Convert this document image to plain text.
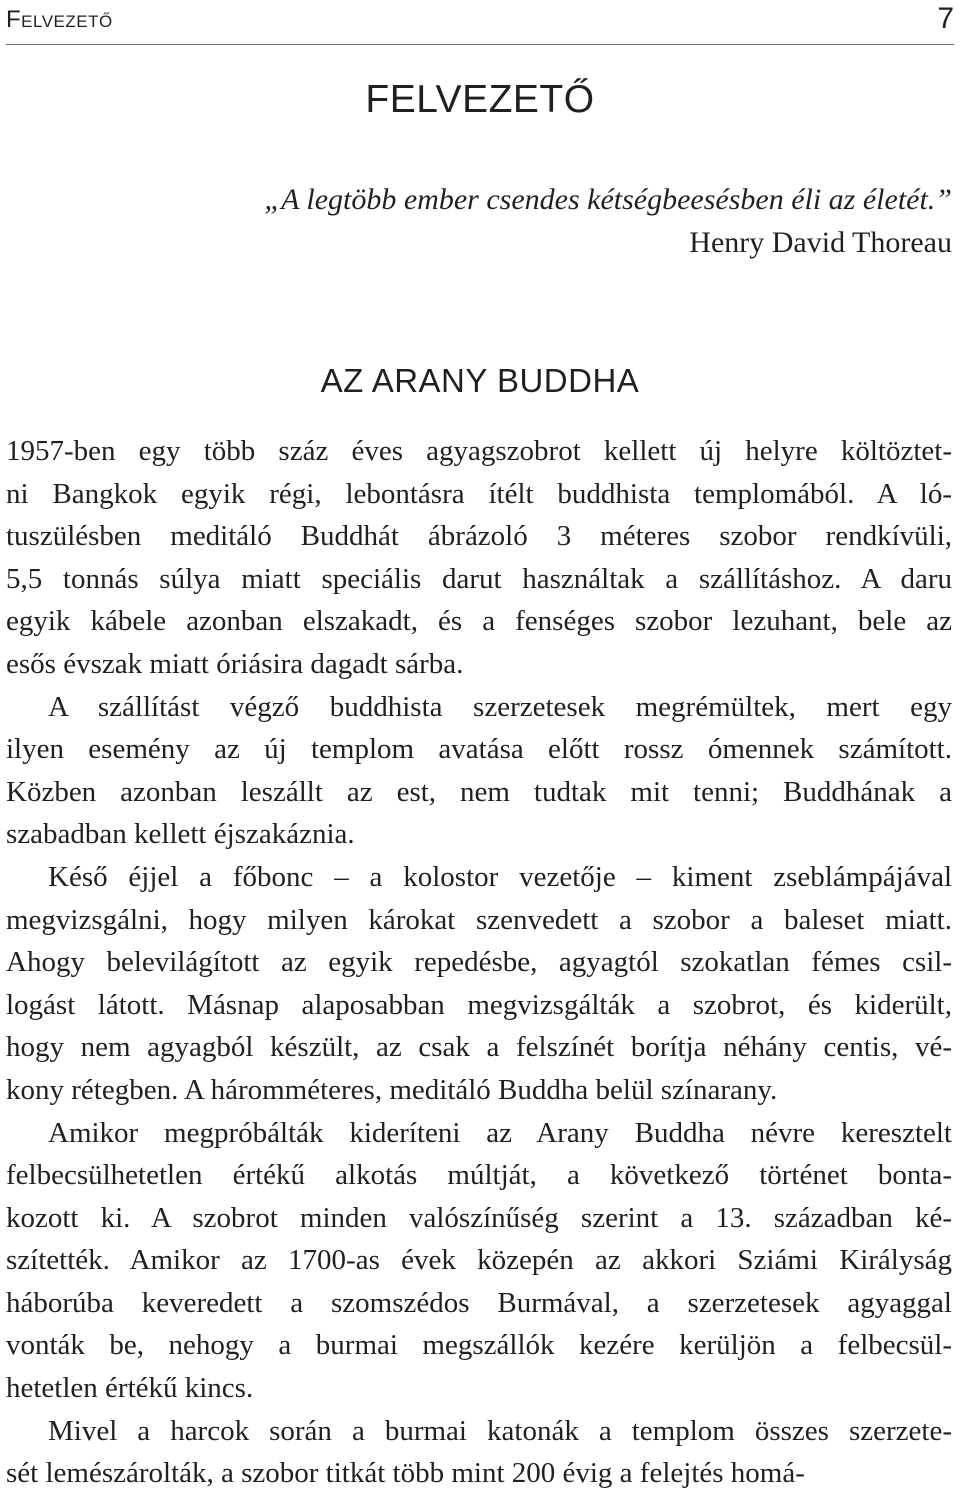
Felvezető	7
FELVEZETŐ
„A legtöbb ember csendes kétségbeesésben éli az életét.”
Henry David Thoreau
AZ ARANY BUDDHA

1957-ben egy több száz éves agyagszobrot kellett új helyre költöztet-
ni Bangkok egyik régi, lebontásra ítélt buddhista templomából. A ló-
tuszülésben meditáló Buddhát ábrázoló 3 méteres szobor rendkívüli,
5,5 tonnás súlya miatt speciális darut használtak a szállításhoz. A daru
egyik kábele azonban elszakadt, és a fenséges szobor lezuhant, bele az
esős évszak miatt óriásira dagadt sárba.

A szállítást végző buddhista szerzetesek megrémültek, mert egy
ilyen esemény az új templom avatása előtt rossz ómennek számított.
Közben azonban leszállt az est, nem tudtak mit tenni; Buddhának a
szabadban kellett éjszakáznia.

Késő éjjel a főbonc – a kolostor vezetője – kiment zseblámpájával
megvizsgálni, hogy milyen károkat szenvedett a szobor a baleset miatt.
Ahogy belevilágított az egyik repedésbe, agyagtól szokatlan fémes csil-
logást látott. Másnap alaposabban megvizsgálták a szobrot, és kiderült,
hogy nem agyagból készült, az csak a felszínét borítja néhány centis, vé-
kony rétegben. A háromméteres, meditáló Buddha belül színarany.

Amikor megpróbálták kideríteni az Arany Buddha névre keresztelt
felbecsülhetetlen értékű alkotás múltját, a következő történet bonta-
kozott ki. A szobrot minden valószínűség szerint a 13. században ké-
szítették. Amikor az 1700-as évek közepén az akkori Sziámi Királyság
háborúba keveredett a szomszédos Burmával, a szerzetesek agyaggal
vonták be, nehogy a burmai megszállók kezére kerüljön a felbecsül-
hetetlen értékű kincs.

Mivel a harcok során a burmai katonák a templom összes szerzete-
sét lemészárolták, a szobor titkát több mint 200 évig a felejtés homá-
